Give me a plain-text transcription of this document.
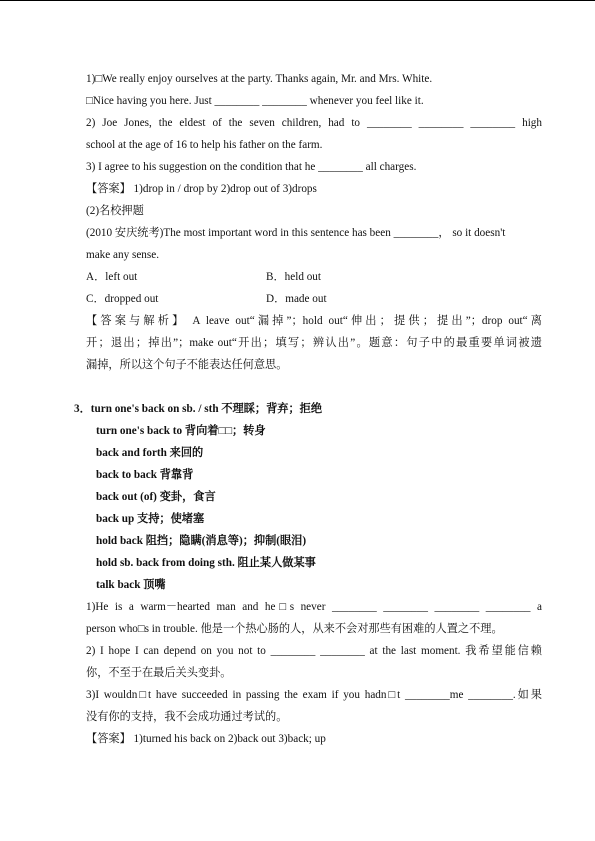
1)□We really enjoy ourselves at the party. Thanks again, Mr. and Mrs. White.
□Nice having you here. Just ________ ________ whenever you feel like it.
2) Joe Jones, the eldest of the seven children, had to ________ ________ ________ high
school at the age of 16 to help his father on the farm.
3) I agree to his suggestion on the condition that he ________ all charges.
【答案】 1)drop in / drop by 2)drop out of 3)drops
(2)名校押题
(2010 安庆统考)The most important word in this sentence has been ________， so it doesn't
make any sense.
A．left out	B．held out
C．dropped out	D．made out
【答案与解析】 A leave out“漏掉”；hold out“伸出；提供；提出”；drop out“离
开；退出；掉出”；make out“开出；填写；辨认出”。题意：句子中的最重要单词被遗
漏掉，所以这个句子不能表达任何意思。
3．turn one's back on sb. / sth 不理睬；背弃；拒绝
turn one's back to 背向着□□；转身
back and forth 来回的
back to back 背靠背
back out (of) 变卦，食言
back up 支持；使堵塞
hold back 阻挡；隐瞒(消息等)；抑制(眼泪)
hold sb. back from doing sth. 阻止某人做某事
talk back 顶嘴
1)He is a warm－hearted man and he□s never ________ ________ ________ ________ a
person who□s in trouble. 他是一个热心肠的人，从来不会对那些有困难的人置之不理。
2) I hope I can depend on you not to ________ ________ at the last moment. 我希望能信赖
你，不至于在最后关头变卦。
3)I wouldn□t have succeeded in passing the exam if you hadn□t ________me ________.如果
没有你的支持，我不会成功通过考试的。
【答案】 1)turned his back on 2)back out 3)back; up
